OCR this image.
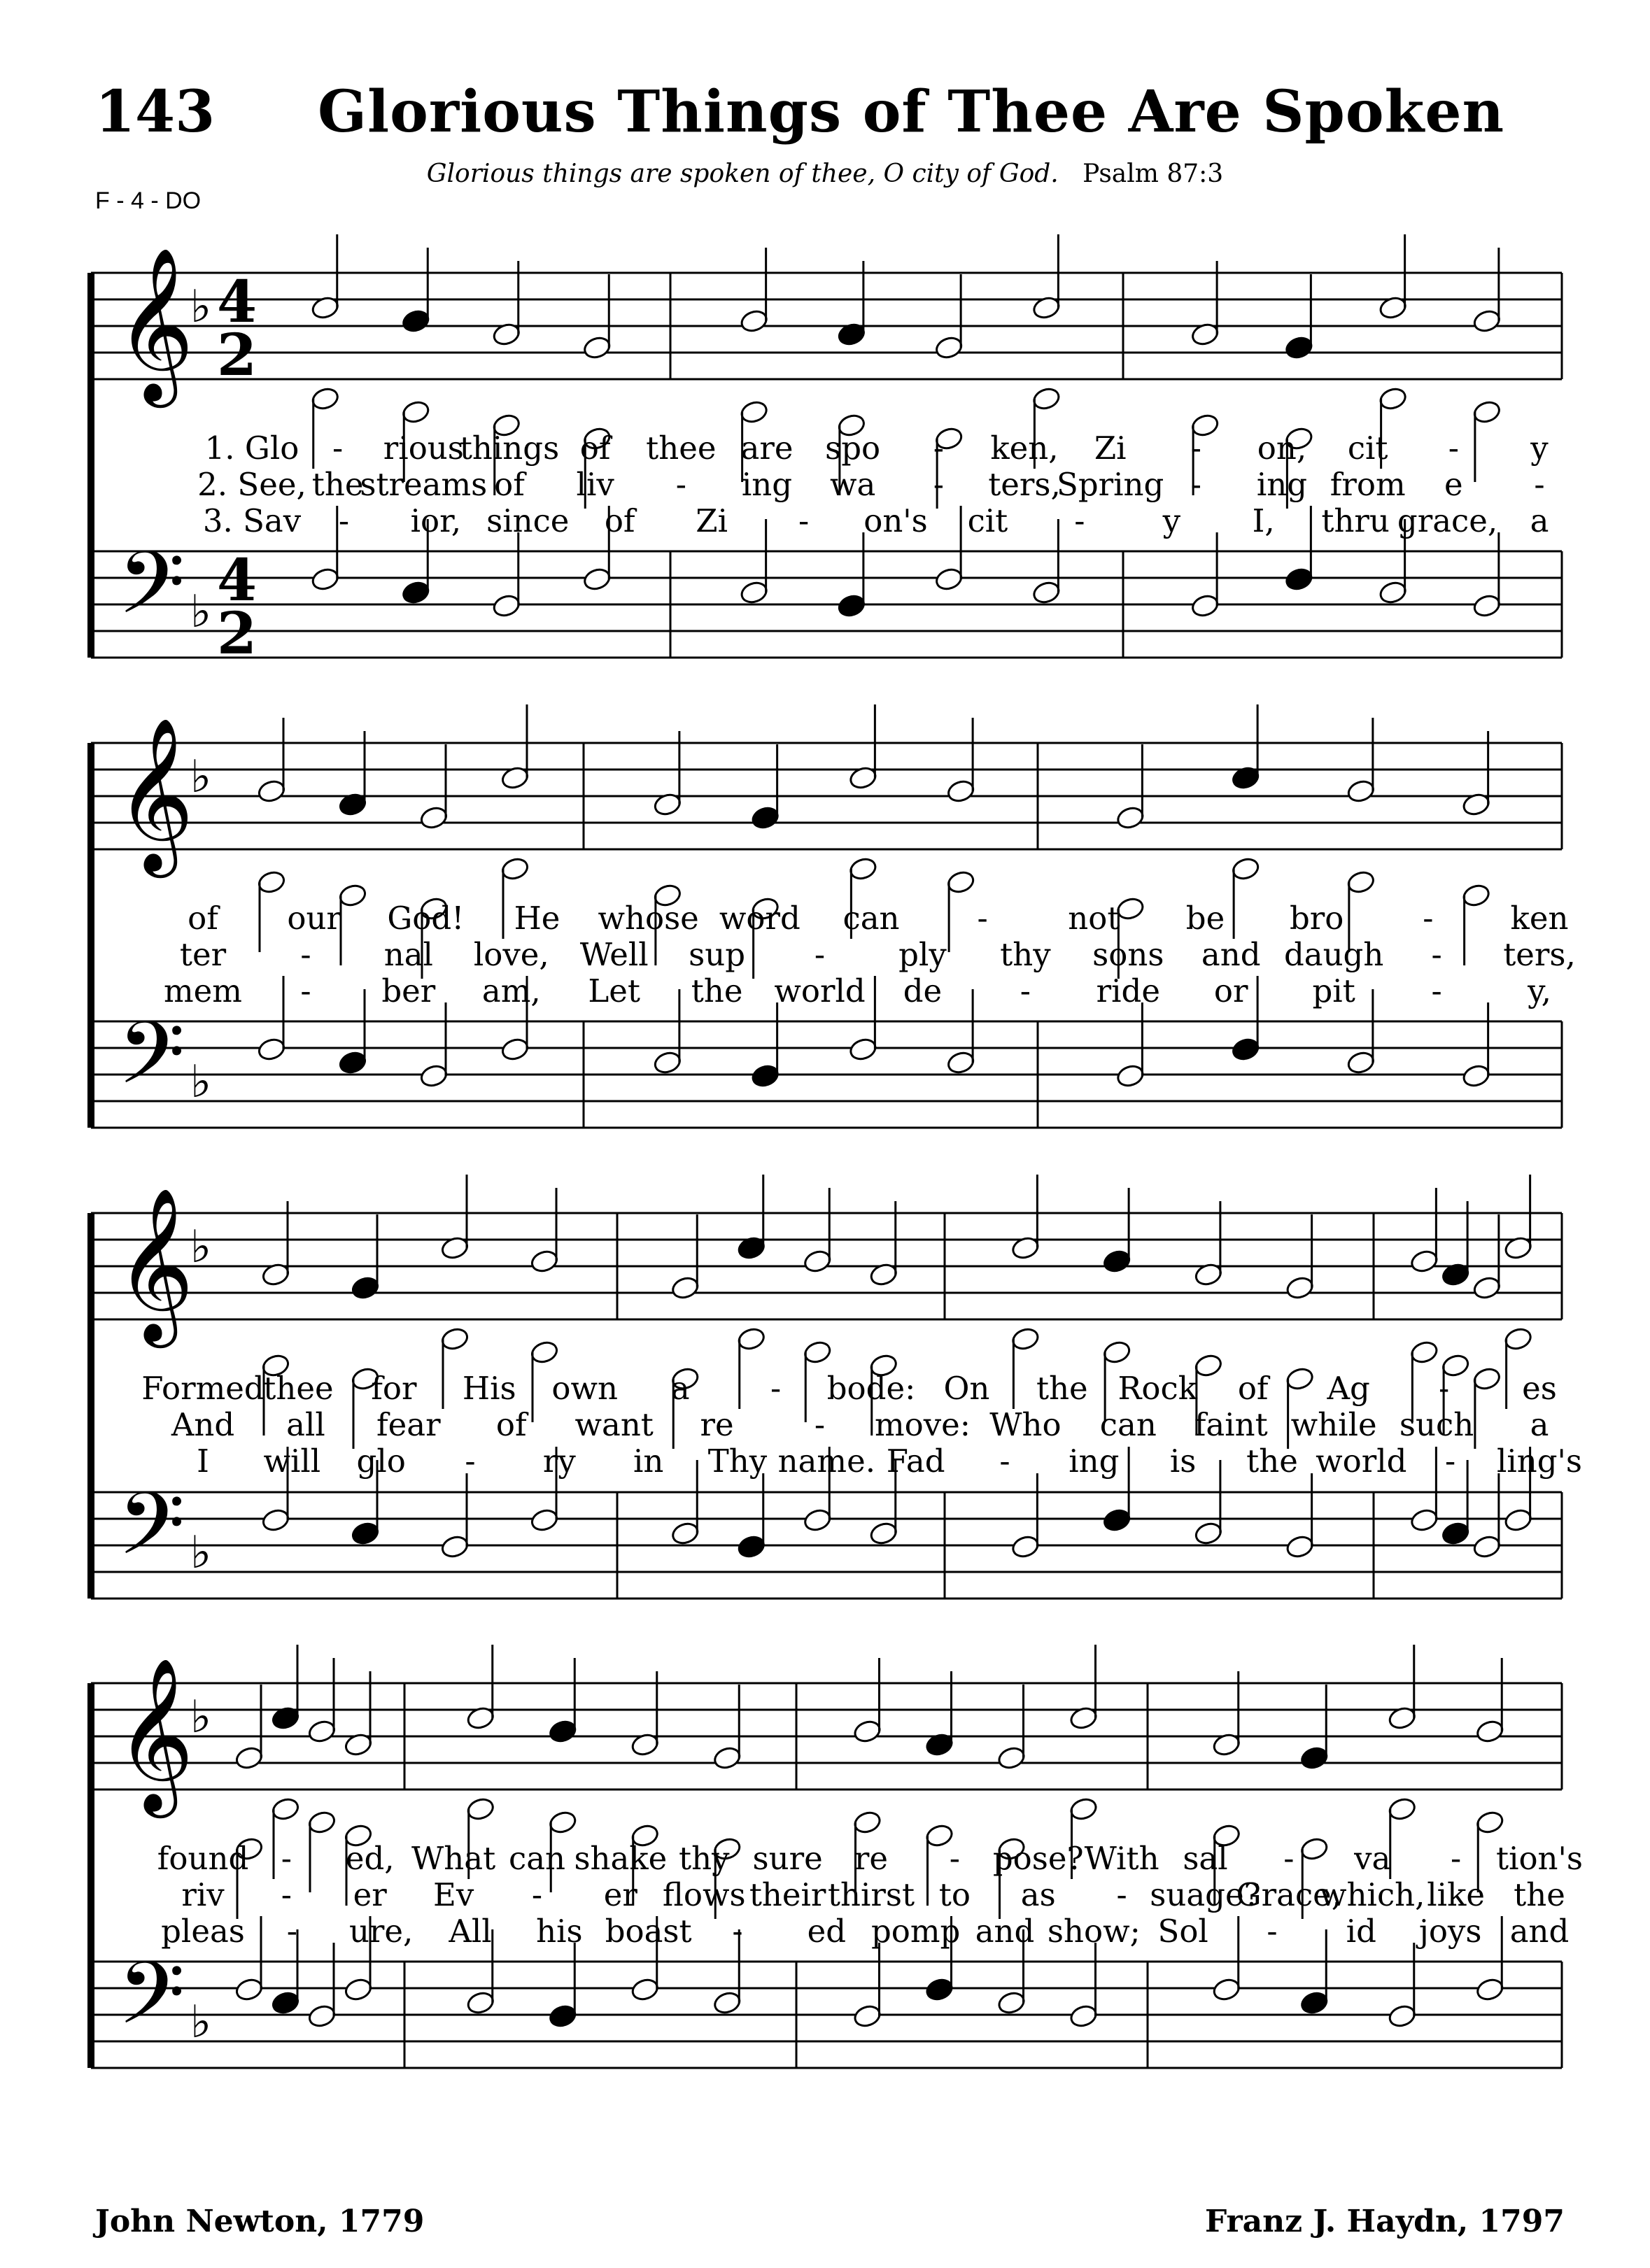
143 Glorious Things of Thee Are Spoken
Glorious things are spoken of thee, O city of God. Psalm 87:3
F - 4 - DO
𝄞
𝄢
♭
♭
4
4
2
2
𝄞
𝄢
♭
♭
𝄞
𝄢
♭
♭
𝄞
𝄢
♭
♭
1. Glo - rious
things of thee are spo - ken, Zi - on, cit - y
2. See, the
streams of liv - ing wa - ters,
Spring - ing from e -
3. Sav - ior, since of Zi - on's cit - y I, thru grace, a
of our God! He whose word can -	not be bro	- ken
ter - nal love, Well sup - ply thy sons and daugh - ters,
mem - ber am, Let the world de - ride or pit -	y,
Formed
thee for His own a	- bode: On the Rock of Ag - es
And all fear of want re	- move: Who can faint while such a
I will glo - ry in Thy name. Fad - ing is the world - ling's
found - ed, What can shake thy sure re - pose? With sal - va - tion's
riv - er Ev - er flows their thirst to as - suage?
Grace,
which, like the
pleas - ure, All his boast - ed pomp and show; Sol - id joys and
John Newton, 1779	Franz J. Haydn, 1797
